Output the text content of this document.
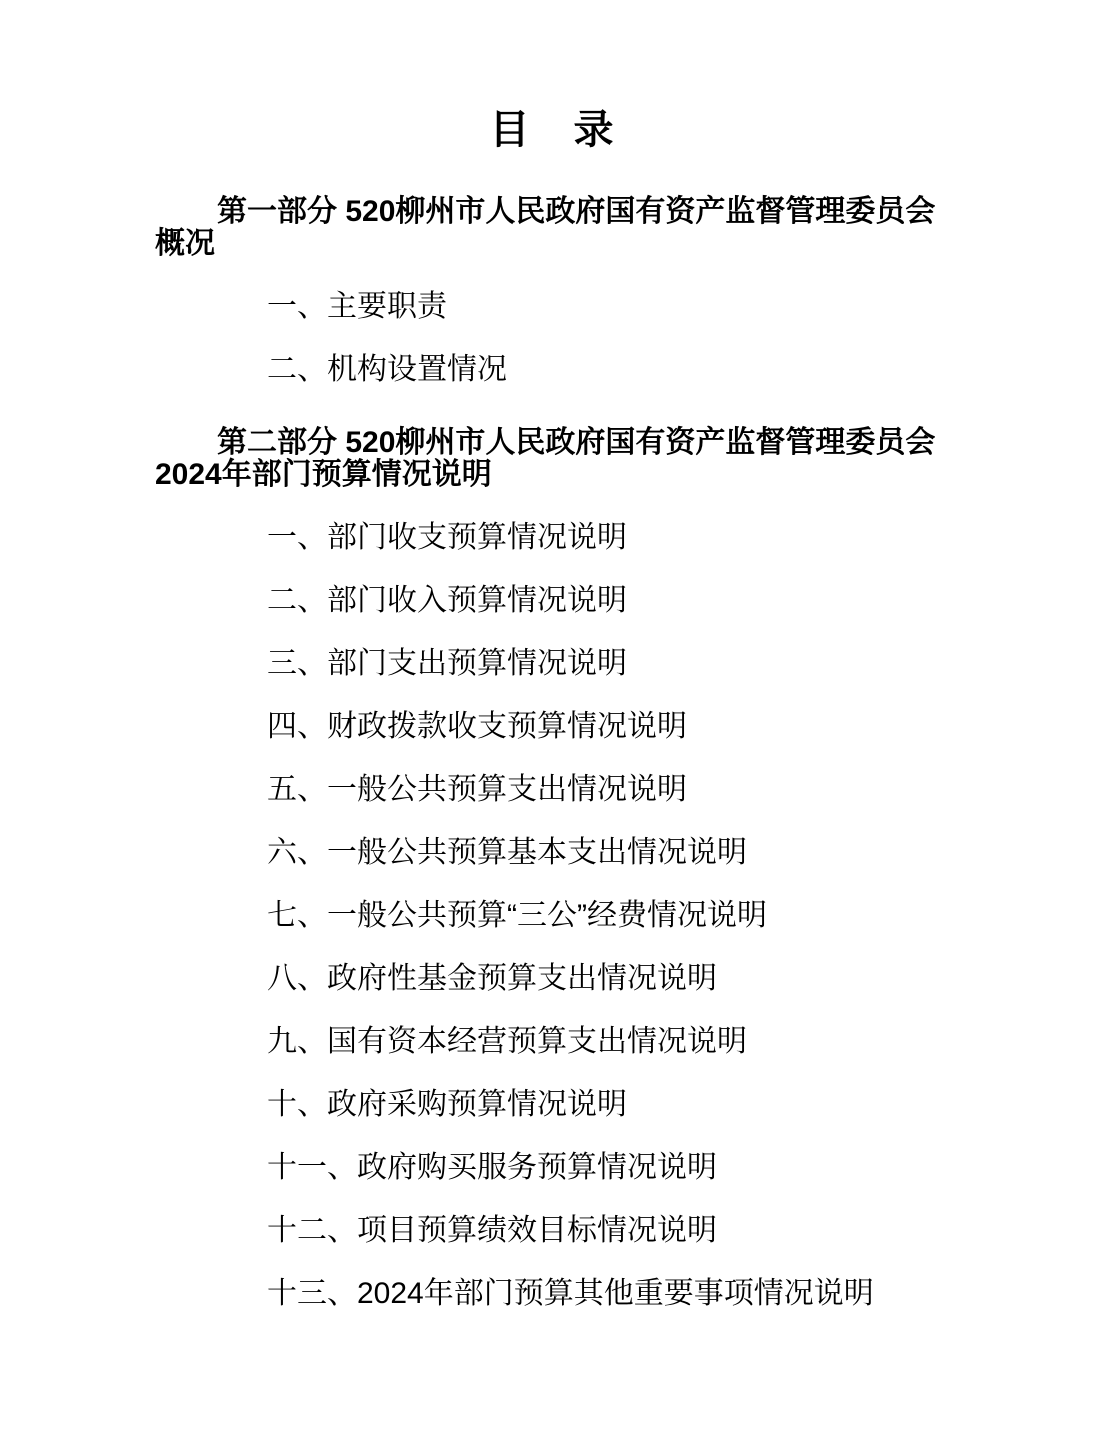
目　录

第一部分 520柳州市人民政府国有资产监督管理委员会
概况

一、主要职责

二、机构设置情况

第二部分 520柳州市人民政府国有资产监督管理委员会
2024年部门预算情况说明

一、部门收支预算情况说明

二、部门收入预算情况说明

三、部门支出预算情况说明

四、财政拨款收支预算情况说明

五、一般公共预算支出情况说明

六、一般公共预算基本支出情况说明

七、一般公共预算“三公”经费情况说明

八、政府性基金预算支出情况说明

九、国有资本经营预算支出情况说明

十、政府采购预算情况说明

十一、政府购买服务预算情况说明

十二、项目预算绩效目标情况说明

十三、2024年部门预算其他重要事项情况说明
